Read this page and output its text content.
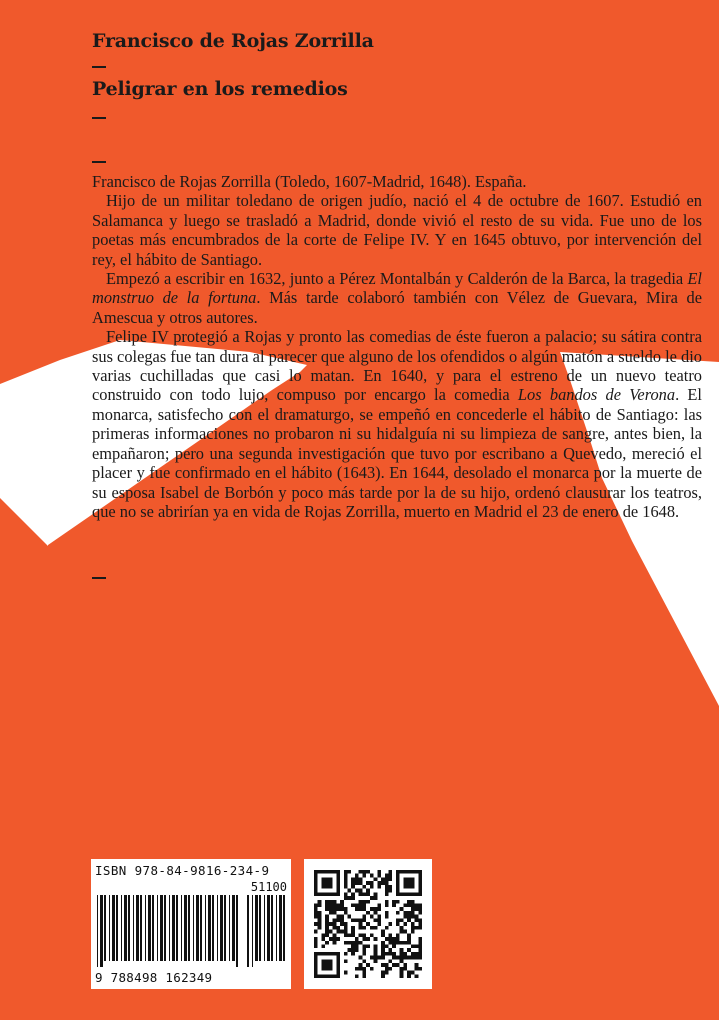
Francisco de Rojas Zorrilla
Peligrar en los remedios

Francisco de Rojas Zorrilla (Toledo, 1607-Madrid, 1648). España.

Hijo de un militar toledano de origen judío, nació el 4 de octubre de 1607. Estudió en Salamanca y luego se trasladó a Madrid, donde vivió el resto de su vida. Fue uno de los poetas más encumbrados de la corte de Felipe IV. Y en 1645 obtuvo, por intervención del rey, el hábito de Santiago.

Empezó a escribir en 1632, junto a Pérez Montalbán y Calderón de la Barca, la tragedia El monstruo de la fortuna. Más tarde colaboró también con Vélez de Guevara, Mira de Amescua y otros autores.

Felipe IV protegió a Rojas y pronto las comedias de éste fueron a palacio; su sátira contra sus colegas fue tan dura al parecer que alguno de los ofendidos o algún matón a sueldo le dio varias cuchilladas que casi lo matan. En 1640, y para el estreno de un nuevo teatro construido con todo lujo, compuso por encargo la comedia Los bandos de Verona. El monarca, satisfecho con el dramaturgo, se empeñó en concederle el hábito de Santiago: las primeras informaciones no probaron ni su hidalguía ni su limpieza de sangre, antes bien, la empañaron; pero una segunda investigación que tuvo por escribano a Quevedo, mereció el placer y fue confirmado en el hábito (1643). En 1644, desolado el monarca por la muerte de su esposa Isabel de Borbón y poco más tarde por la de su hijo, ordenó clausurar los teatros, que no se abrirían ya en vida de Rojas Zorrilla, muerto en Madrid el 23 de enero de 1648.

ISBN 978-84-9816-234-9
51100
9 788498 162349
